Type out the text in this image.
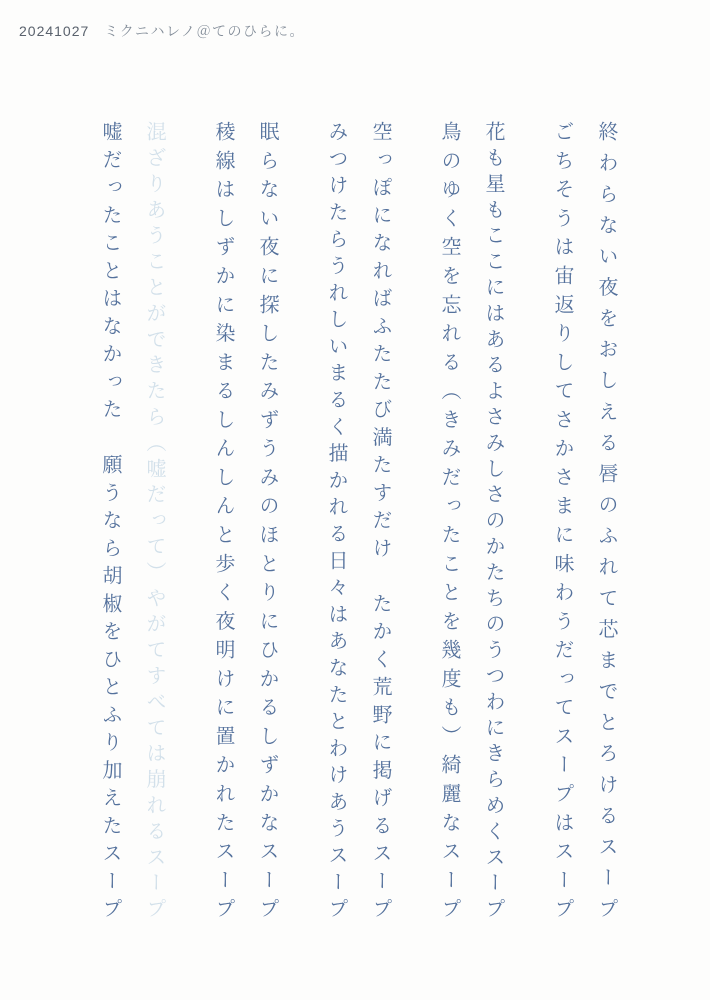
20241027 ミクニハレノ＠てのひらに。

終わらない夜をおしえる唇のふれて芯までとろけるスープ

ごちそうは宙返りしてさかさまに味わうだってスープはスープ

花も星もここにはあるよさみしさのかたちのうつわにきらめくスープ

鳥のゆく空を忘れる（きみだったことを幾度も）綺麗なスープ

空っぽになればふたたび満たすだけ　たかく荒野に掲げるスープ

みつけたらうれしいまるく描かれる日々はあなたとわけあうスープ

眠らない夜に探したみずうみのほとりにひかるしずかなスープ

稜線はしずかに染まるしんしんと歩く夜明けに置かれたスープ

混ざりあうことができたら（嘘だって）やがてすべては崩れるスープ

嘘だったことはなかった　願うなら胡椒をひとふり加えたスープ
